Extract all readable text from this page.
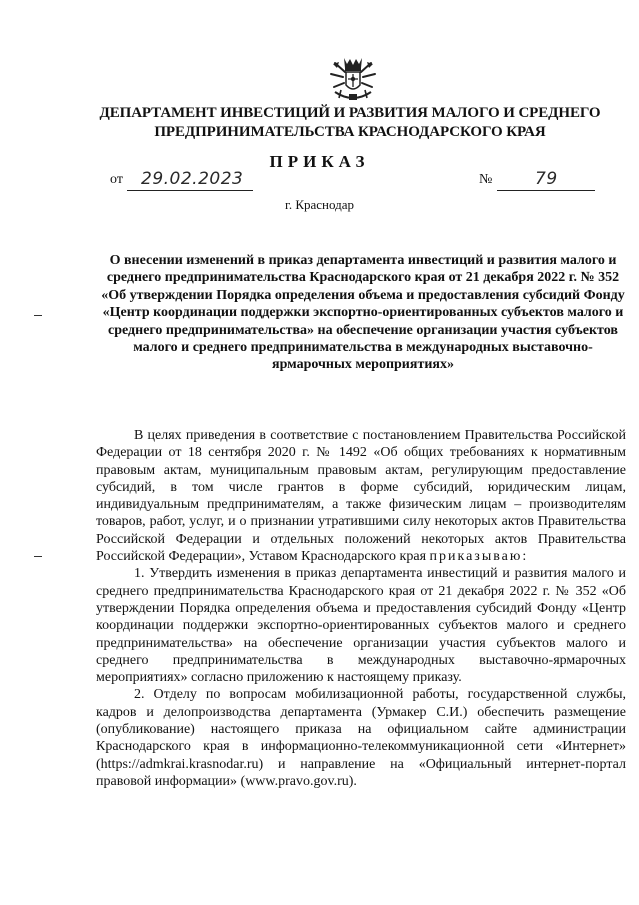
ДЕПАРТАМЕНТ ИНВЕСТИЦИЙ И РАЗВИТИЯ МАЛОГО И СРЕДНЕГО ПРЕДПРИНИМАТЕЛЬСТВА КРАСНОДАРСКОГО КРАЯ
ПРИКАЗ
от 29.02.2023	№	79
г. Краснодар
О внесении изменений в приказ департамента инвестиций и развития малого и среднего предпринимательства Краснодарского края от 21 декабря 2022 г. № 352 «Об утверждении Порядка определения объема и предоставления субсидий Фонду «Центр координации поддержки экспортно-ориентированных субъектов малого и среднего предпринимательства» на обеспечение организации участия субъектов малого и среднего предпринимательства в международных выставочно-ярмарочных мероприятиях»

В целях приведения в соответствие с постановлением Правительства Российской Федерации от 18 сентября 2020 г. № 1492 «Об общих требованиях к нормативным правовым актам, муниципальным правовым актам, регулирующим предоставление субсидий, в том числе грантов в форме субсидий, юридическим лицам, индивидуальным предпринимателям, а также физическим лицам – производителям товаров, работ, услуг, и о признании утратившими силу некоторых актов Правительства Российской Федерации и отдельных положений некоторых актов Правительства Российской Федерации», Уставом Краснодарского края приказываю:

1. Утвердить изменения в приказ департамента инвестиций и развития малого и среднего предпринимательства Краснодарского края от 21 декабря 2022 г. № 352 «Об утверждении Порядка определения объема и предоставления субсидий Фонду «Центр координации поддержки экспортно-ориентированных субъектов малого и среднего предпринимательства» на обеспечение организации участия субъектов малого и среднего предпринимательства в международных выставочно-ярмарочных мероприятиях» согласно приложению к настоящему приказу.

2. Отделу по вопросам мобилизационной работы, государственной службы, кадров и делопроизводства департамента (Урмакер С.И.) обеспечить размещение (опубликование) настоящего приказа на официальном сайте администрации Краснодарского края в информационно-телекоммуникационной сети «Интернет» (https://admkrai.krasnodar.ru) и направление на «Официальный интернет-портал правовой информации» (www.pravo.gov.ru).
